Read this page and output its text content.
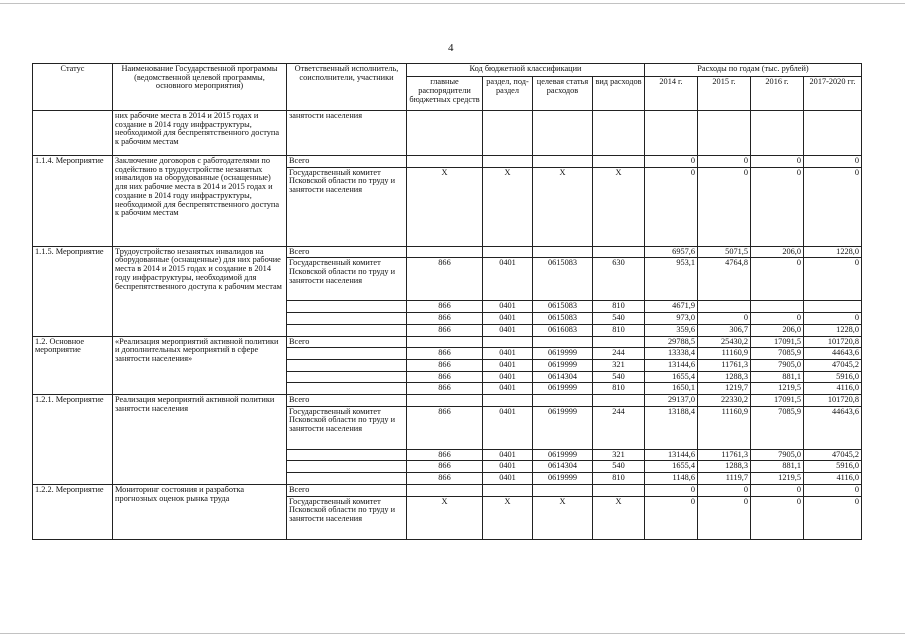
4
Статус	Наименование Государственной программы (ведомственной целевой программы, основного мероприятия)	Ответственный исполнитель, соисполнители, участники	Код бюджетной классификации				Расходы по годам (тыс. рублей)			
			главные распорядители бюджетных средств	раздел, под-раздел	целевая статья расходов	вид расходов	2014 г.	2015 г.	2016 г.	2017-2020 гг.
	них рабочие места в 2014 и 2015 годах и создание в 2014 году инфраструктуры, необходимой для беспрепятственного доступа к рабочим местам	занятости населения								
1.1.4. Мероприятие	Заключение договоров с работодателями по содействию в трудоустройстве незанятых инвалидов на оборудованные (оснащенные) для них рабочие места в 2014 и 2015 годах и создание в 2014 году инфраструктуры, необходимой для беспрепятственного доступа к рабочим местам	Всего					0	0	0	0
		Государственный комитет Псковской области по труду и занятости населения	X	X	X	X	0	0	0	0
1.1.5. Мероприятие	Трудоустройство незанятых инвалидов на оборудованные (оснащенные) для них рабочие места в 2014 и 2015 годах и создание в 2014 году инфраструктуры, необходимой для беспрепятственного доступа к рабочим местам	Всего					6957,6	5071,5	206,0	1228,0
		Государственный комитет Псковской области по труду и занятости населения	866	0401	0615083	630	953,1	4764,8	0	0
			866	0401	0615083	810	4671,9			
			866	0401	0615083	540	973,0	0	0	0
			866	0401	0616083	810	359,6	306,7	206,0	1228,0
1.2. Основное мероприятие	«Реализация мероприятий активной политики и дополнительных мероприятий в сфере занятости населения»	Всего					29788,5	25430,2	17091,5	101720,8
			866	0401	0619999	244	13338,4	11160,9	7085,9	44643,6
			866	0401	0619999	321	13144,6	11761,3	7905,0	47045,2
			866	0401	0614304	540	1655,4	1288,3	881,1	5916,0
			866	0401	0619999	810	1650,1	1219,7	1219,5	4116,0
1.2.1. Мероприятие	Реализация мероприятий активной политики занятости населения	Всего					29137,0	22330,2	17091,5	101720,8
		Государственный комитет Псковской области по труду и занятости населения	866	0401	0619999	244	13188,4	11160,9	7085,9	44643,6
			866	0401	0619999	321	13144,6	11761,3	7905,0	47045,2
			866	0401	0614304	540	1655,4	1288,3	881,1	5916,0
			866	0401	0619999	810	1148,6	1119,7	1219,5	4116,0
1.2.2. Мероприятие	Мониторинг состояния и разработка прогнозных оценок рынка труда	Всего					0	0	0	0
		Государственный комитет Псковской области по труду и занятости населения	X	X	X	X	0	0	0	0
